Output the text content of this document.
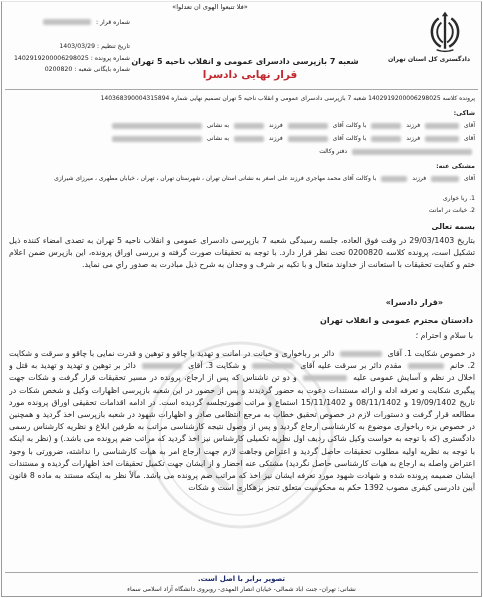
«فلا تتبعوا الهوی ان تعدلوا»
دادگستری کل استان تهران
شماره قرار :
تاریخ تنظیم : 1403/03/29
شماره پرونده : 1402919200006298025
شماره بایگانی شعبه : 0200820
شعبه 7 بازپرسی دادسرای عمومی و انقلاب ناحیه 5 تهران
قرار نهایی دادسرا
پرونده کلاسه 1402919200006298025 شعبه 7 بازپرسی دادسرای عمومی و انقلاب ناحیه 5 تهران تصمیم نهایی شماره 140368390004315894
شاکی:
آقای  فرزند  با وکالت آقای  فرزند  به نشانی
آقای  فرزند  با وکالت آقای  فرزند  به نشانی
دفتر وکالت
مشتکی عنه:
آقای  فرزند  با وکالت آقای محمد مهاجری فرزند علی اصغر به نشانی استان تهران ، شهرستان تهران ، تهران ، خیابان مطهری ، میرزای شیرازی
1. ربا خواری
2. خیانت در امانت
بسمه تعالی
بتاریخ 29/03/1403 در وقت فوق العاده، جلسه رسیدگی شعبه 7 بازپرسی دادسرای عمومی و انقلاب ناحیه 5 تهران به تصدی امضاء کننده ذیل تشکیل است، پرونده کلاسه 0200820 تحت نظر قرار دارد. با توجه به تحقیقات صورت گرفته و بررسی اوراق پرونده، این بازپرس ضمن اعلام ختم و کفایت تحقیقات با استعانت از خداوند متعال و با تکیه بر شرف و وجدان به شرح ذیل مبادرت به صدور راي می نماید.
«قرار دادسرا»
دادستان محترم عمومی و انقلاب تهران
با سلام و احترام ؛
در خصوص شکایت 1. آقای  دائر بر رباخواری و خیانت در امانت و تهدید با چاقو و توهین و قدرت نمایی با چاقو و سرقت و شکایت 2. خانم  مقدم دائر بر سرقت علیه آقای  و شکایت 3. آقای  دائر بر توهین و تهدید و تهدید به قتل و اخلال در نظم و آسایش عمومی علیه  و دو تن ناشناس که پس از ارجاع، پرونده در مسیر تحقیقات قرار گرفت و شکات جهت پیگیری شکایت و تعرفه ادله و ارائه مستندات دعوت به حضور گردیدند و پس از حضور در این شعبه بازپرسی اظهارات وکیل و شخص شکات در تاریخ 19/09/1402 و 08/11/1402 و 15/11/1402 استماع و مراتب صورتجلسه گردیده است. در ادامه اقدامات تحقیقی اوراق پرونده مورد مطالعه قرار گرفت و دستورات لازم در خصوص تحقیق خطاب به مرجع انتظامی صادر و اظهارات شهود در شعبه بازپرسی اخذ گردید و همچنین در خصوص بزه رباخواری موضوع به کارشناسی ارجاع گردید و پس از وصول نتیجه کارشناسی مراتب به طرفین ابلاغ و نظریه کارشناس رسمی دادگستری (که با توجه به خواست وکیل شاکی ردیف اول نظریه تکمیلی کارشناس نیز اخذ گردید که مراتب ضم پرونده می باشد.) و (نظر به اینکه با توجه به نظریه اولیه مطلوب تحقیقات حاصل گردید و اعتراض وجاهت لازم جهت ارجاع امر به هیات کارشناسی را نداشته، ضرورتی با وجود اعتراض واصله به ارجاع به هیات کارشناسی حاصل نگردید) مشتکی عنه احضار و از ایشان جهت تکمیل تحقیقات اخذ اظهارات گردیده و مستندات ایشان ضمیمه پرونده شده و شهادت شهود مورد تعرفه ایشان نیز اخذ که مراتب ضم پرونده می باشد. مآلاً نظر به اینکه مستند به ماده 8 قانون آیین دادرسی کیفری مصوب 1392 حکم به محکومیت متعلق تنجز بزهکاری است و شکات
تصویر برابر با اصل است.
نشانی: تهران- جنت اباد شمالی- خیابان انصار المهدی- روبروی دانشگاه آزاد اسلامی سماء
